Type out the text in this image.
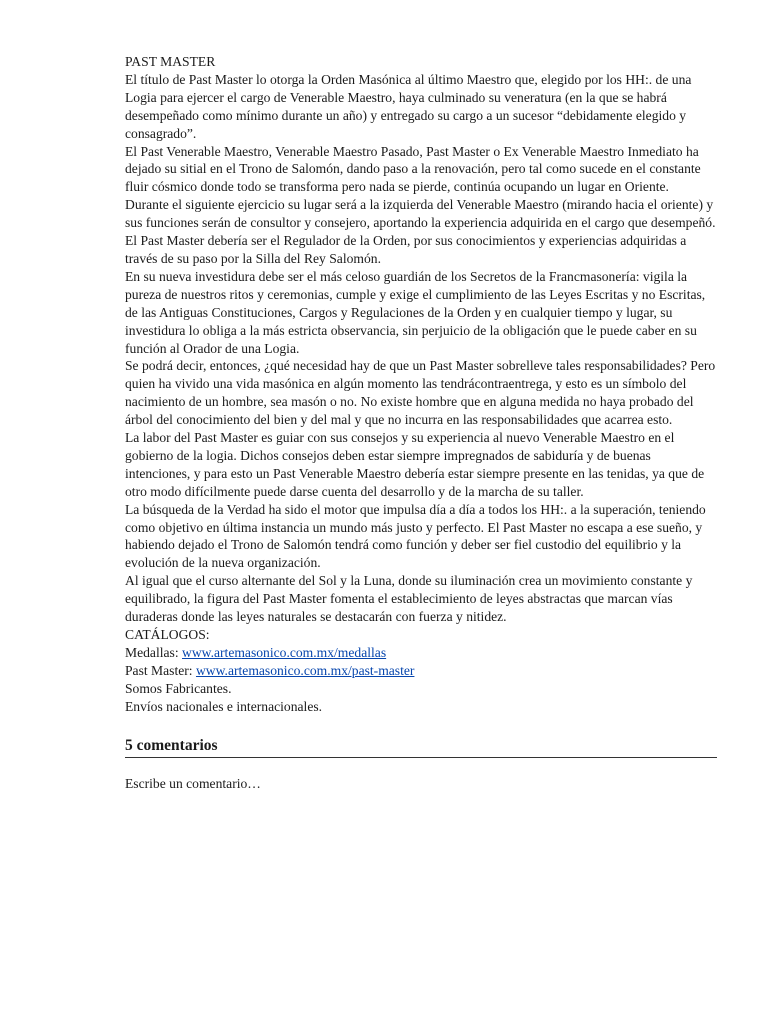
PAST MASTER

El título de Past Master lo otorga la Orden Masónica al último Maestro que, elegido por los HH:. de una Logia para ejercer el cargo de Venerable Maestro, haya culminado su veneratura (en la que se habrá desempeñado como mínimo durante un año) y entregado su cargo a un sucesor “debidamente elegido y consagrado”.

El Past Venerable Maestro, Venerable Maestro Pasado, Past Master o Ex Venerable Maestro Inmediato ha dejado su sitial en el Trono de Salomón, dando paso a la renovación, pero tal como sucede en el constante fluir cósmico donde todo se transforma pero nada se pierde, continúa ocupando un lugar en Oriente.

Durante el siguiente ejercicio su lugar será a la izquierda del Venerable Maestro (mirando hacia el oriente) y sus funciones serán de consultor y consejero, aportando la experiencia adquirida en el cargo que desempeñó. El Past Master debería ser el Regulador de la Orden, por sus conocimientos y experiencias adquiridas a través de su paso por la Silla del Rey Salomón.

En su nueva investidura debe ser el más celoso guardián de los Secretos de la Francmasonería: vigila la pureza de nuestros ritos y ceremonias, cumple y exige el cumplimiento de las Leyes Escritas y no Escritas, de las Antiguas Constituciones, Cargos y Regulaciones de la Orden y en cualquier tiempo y lugar, su investidura lo obliga a la más estricta observancia, sin perjuicio de la obligación que le puede caber en su función al Orador de una Logia.

Se podrá decir, entonces, ¿qué necesidad hay de que un Past Master sobrelleve tales responsabilidades? Pero quien ha vivido una vida masónica en algún momento las tendrácontraentrega, y esto es un símbolo del nacimiento de un hombre, sea masón o no. No existe hombre que en alguna medida no haya probado del árbol del conocimiento del bien y del mal y que no incurra en las responsabilidades que acarrea esto.

La labor del Past Master es guiar con sus consejos y su experiencia al nuevo Venerable Maestro en el gobierno de la logia. Dichos consejos deben estar siempre impregnados de sabiduría y de buenas intenciones, y para esto un Past Venerable Maestro debería estar siempre presente en las tenidas, ya que de otro modo difícilmente puede darse cuenta del desarrollo y de la marcha de su taller.

La búsqueda de la Verdad ha sido el motor que impulsa día a día a todos los HH:. a la superación, teniendo como objetivo en última instancia un mundo más justo y perfecto. El Past Master no escapa a ese sueño, y habiendo dejado el Trono de Salomón tendrá como función y deber ser fiel custodio del equilibrio y la evolución de la nueva organización.

Al igual que el curso alternante del Sol y la Luna, donde su iluminación crea un movimiento constante y equilibrado, la figura del Past Master fomenta el establecimiento de leyes abstractas que marcan vías duraderas donde las leyes naturales se destacarán con fuerza y nitidez.

CATÁLOGOS:

Medallas: www.artemasonico.com.mx/medallas

Past Master: www.artemasonico.com.mx/past-master

Somos Fabricantes.

Envíos nacionales e internacionales.

5 comentarios
Escribe un comentario…
